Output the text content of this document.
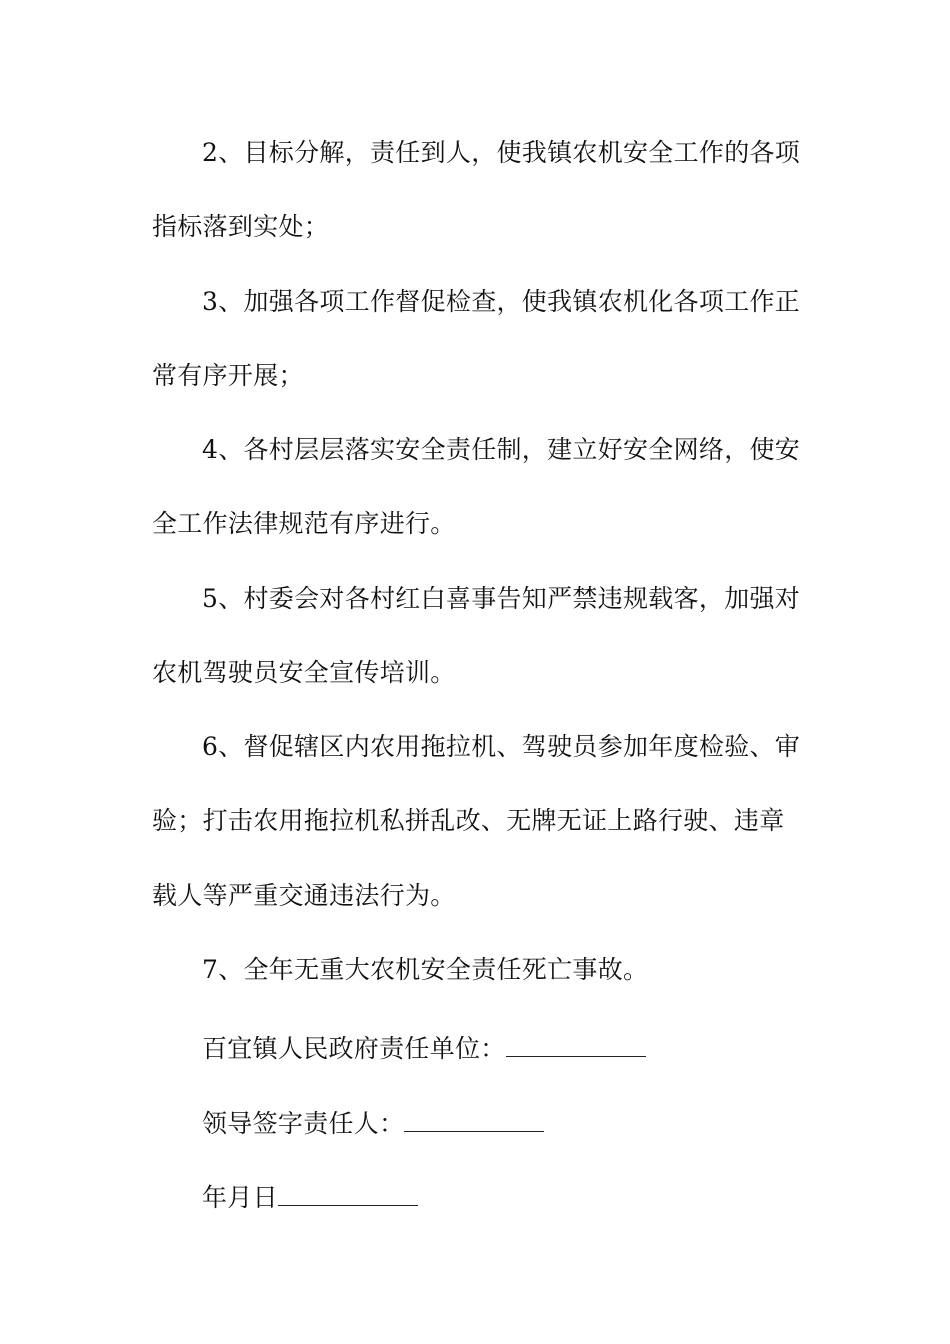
2、目标分解，责任到人，使我镇农机安全工作的各项
指标落到实处；
3、加强各项工作督促检查，使我镇农机化各项工作正
常有序开展；
4、各村层层落实安全责任制，建立好安全网络，使安
全工作法律规范有序进行。
5、村委会对各村红白喜事告知严禁违规载客，加强对
农机驾驶员安全宣传培训。
6、督促辖区内农用拖拉机、驾驶员参加年度检验、审
验；打击农用拖拉机私拼乱改、无牌无证上路行驶、违章
载人等严重交通违法行为。
7、全年无重大农机安全责任死亡事故。
百宜镇人民政府责任单位：
领导签字责任人：
年月日
